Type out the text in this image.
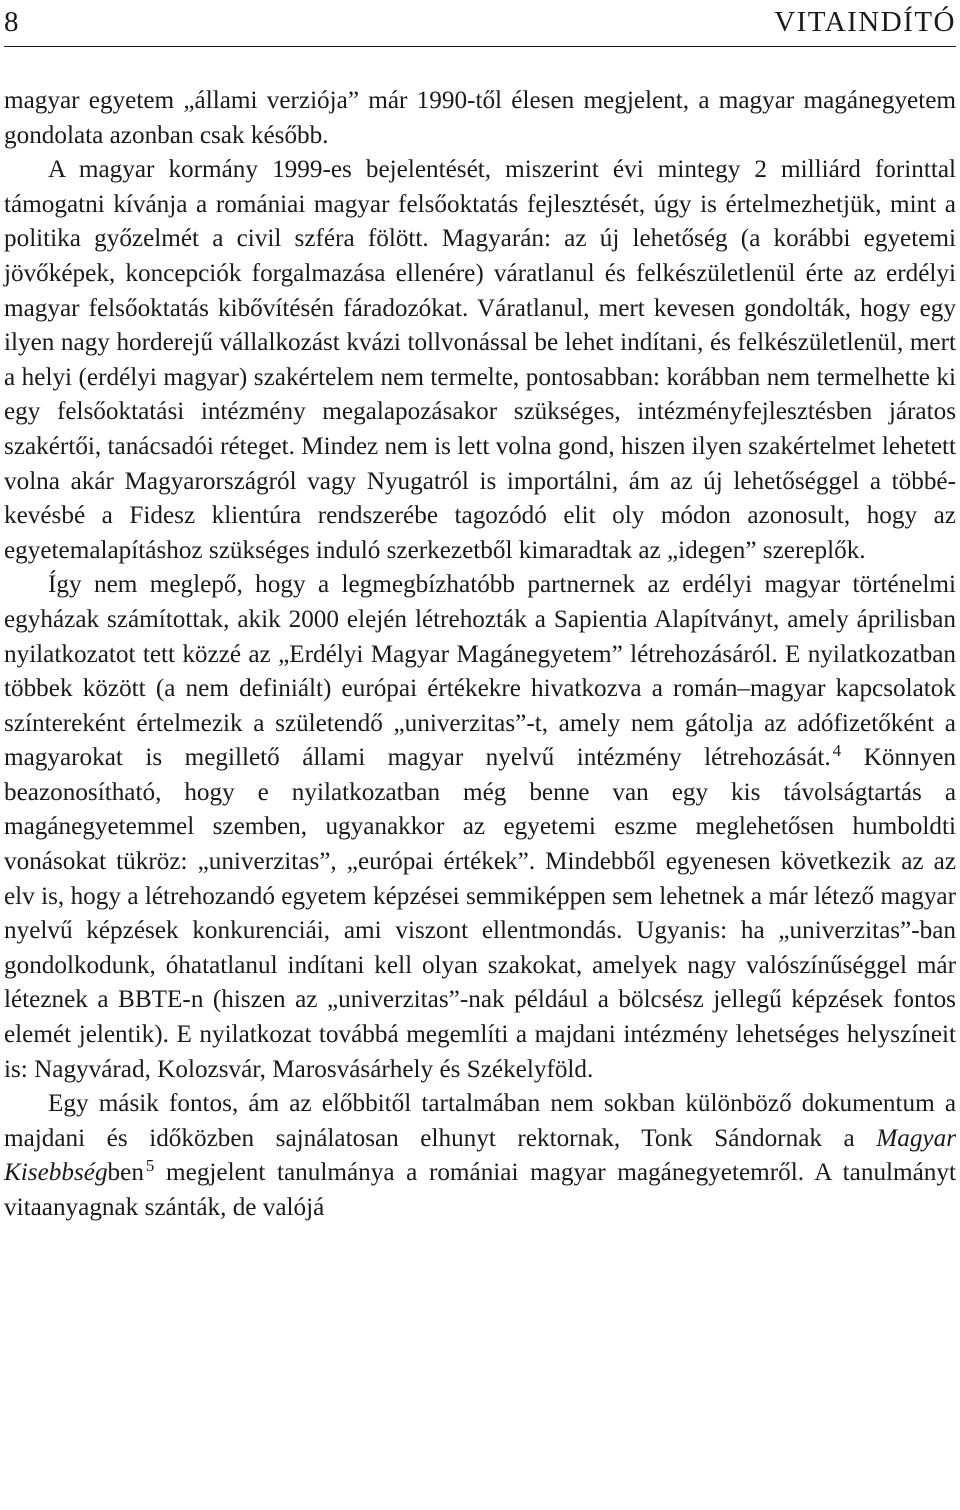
8	VITAINDÍTÓ

magyar egyetem „állami verziója” már 1990-től élesen megjelent, a magyar magánegyetem gondolata azonban csak később.

A magyar kormány 1999-es bejelentését, miszerint évi mintegy 2 milliárd forinttal támogatni kívánja a romániai magyar felsőoktatás fejlesztését, úgy is értelmezhetjük, mint a politika győzelmét a civil szféra fölött. Magyarán: az új lehetőség (a korábbi egyetemi jövőképek, koncepciók forgalmazása ellenére) váratlanul és felkészületlenül érte az erdélyi magyar felsőoktatás kibővítésén fáradozókat. Váratlanul, mert kevesen gondolták, hogy egy ilyen nagy horderejű vállalkozást kvázi tollvonással be lehet indítani, és felkészületlenül, mert a helyi (erdélyi magyar) szakértelem nem termelte, pontosabban: korábban nem termelhette ki egy felsőoktatási intézmény megalapozásakor szükséges, intézményfejlesztésben járatos szakértői, tanácsadói réteget. Mindez nem is lett volna gond, hiszen ilyen szakértelmet lehetett volna akár Magyarországról vagy Nyugatról is importálni, ám az új lehetőséggel a többé-kevésbé a Fidesz klientúra rendszerébe tagozódó elit oly módon azonosult, hogy az egyetemalapításhoz szükséges induló szerkezetből kimaradtak az „idegen” szereplők.

Így nem meglepő, hogy a legmegbízhatóbb partnernek az erdélyi magyar történelmi egyházak számítottak, akik 2000 elején létrehozták a Sapientia Alapítványt, amely áprilisban nyilatkozatot tett közzé az „Erdélyi Magyar Magánegyetem” létrehozásáról. E nyilatkozatban többek között (a nem definiált) európai értékekre hivatkozva a román–magyar kapcsolatok színtereként értelmezik a születendő „univerzitas”-t, amely nem gátolja az adófizetőként a magyarokat is megillető állami magyar nyelvű intézmény létrehozását. $^4$ Könnyen beazonosítható, hogy e nyilatkozatban még benne van egy kis távolságtartás a magánegyetemmel szemben, ugyanakkor az egyetemi eszme meglehetősen humboldti vonásokat tükröz: „univerzitas”, „európai értékek”. Mindebből egyenesen következik az az elv is, hogy a létrehozandó egyetem képzései semmiképpen sem lehetnek a már létező magyar nyelvű képzések konkurenciái, ami viszont ellentmondás. Ugyanis: ha „univerzitas”-ban gondolkodunk, óhatatlanul indítani kell olyan szakokat, amelyek nagy valószínűséggel már léteznek a BBTE-n (hiszen az „univerzitas”-nak például a bölcsész jellegű képzések fontos elemét jelentik). E nyilatkozat továbbá megemlíti a majdani intézmény lehetséges helyszíneit is: Nagyvárad, Kolozsvár, Marosvásárhely és Székelyföld.

Egy másik fontos, ám az előbbitől tartalmában nem sokban különböző dokumentum a majdani és időközben sajnálatosan elhunyt rektornak, Tonk Sándornak a Magyar Kisebbségben $^5$ megjelent tanulmánya a romániai magyar magánegyetemről. A tanulmányt vitaanyagnak szánták, de valójá
